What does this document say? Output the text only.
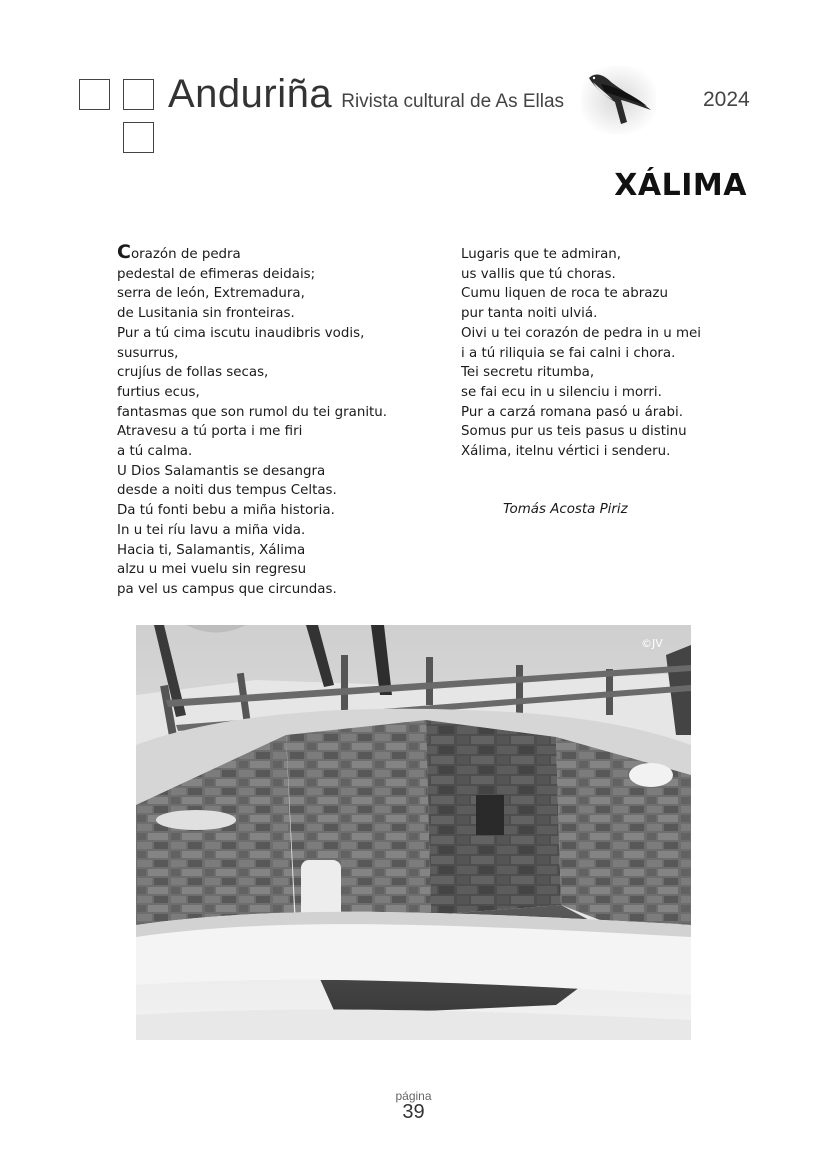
Anduriña Rivista cultural de As Ellas	2024
XÁLIMA
Corazón de pedra
pedestal de efimeras deidais;
serra de león, Extremadura,
de Lusitania sin fronteiras.
Pur a tú cima iscutu inaudibris vodis,
susurrus,
crujíus de follas secas,
furtius ecus,
fantasmas que son rumol du tei granitu.
Atravesu a tú porta i me firi
a tú calma.
U Dios Salamantis se desangra
desde a noiti dus tempus Celtas.
Da tú fonti bebu a miña historia.
In u tei ríu lavu a miña vida.
Hacia ti, Salamantis, Xálima
alzu u mei vuelu sin regresu
pa vel us campus que circundas.
Lugaris que te admiran,
us vallis que tú choras.
Cumu liquen de roca te abrazu
pur tanta noiti ulviá.
Oivi u tei corazón de pedra in u mei
i a tú riliquia se fai calni i chora.
Tei secretu ritumba,
se fai ecu in u silenciu i morri.
Pur a carzá romana pasó u árabi.
Somus pur us teis pasus u distinu
Xálima, itelnu vértici i senderu.
Tomás Acosta Piriz
©JV
página
39
